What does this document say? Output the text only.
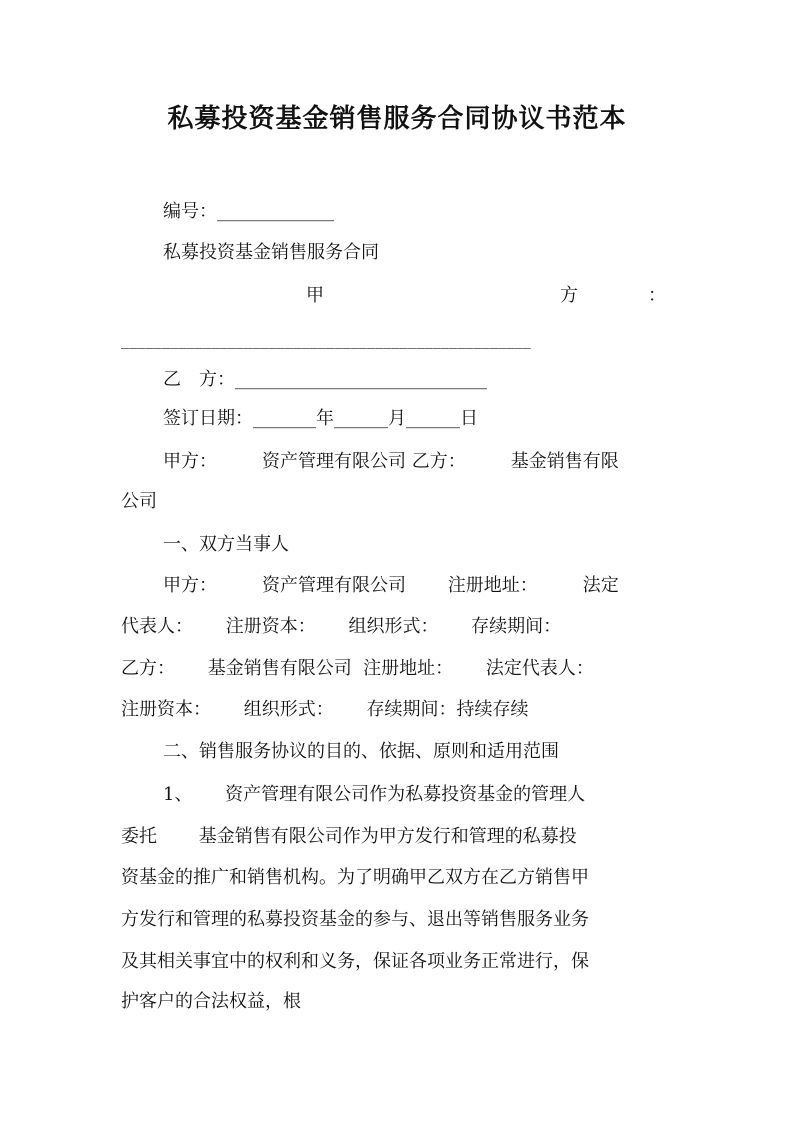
私募投资基金销售服务合同协议书范本
编号：_____________
私募投资基金销售服务合同
甲	方	：
__________________________________________________
乙　方：____________________________
签订日期：_______年______月______日
甲方：　　　资产管理有限公司 乙方：　　　基金销售有限
公司
一、双方当事人
甲方：　　　资产管理有限公司　　 注册地址：　　　法定
代表人：　　 注册资本：　　 组织形式：　　 存续期间：
乙方：　　 基金销售有限公司  注册地址：　　 法定代表人：
注册资本：　　 组织形式：　　 存续期间：持续存续
二、销售服务协议的目的、依据、原则和适用范围
1、　　 资产管理有限公司作为私募投资基金的管理人
委托　　 基金销售有限公司作为甲方发行和管理的私募投
资基金的推广和销售机构。为了明确甲乙双方在乙方销售甲
方发行和管理的私募投资基金的参与、退出等销售服务业务
及其相关事宜中的权利和义务，保证各项业务正常进行，保
护客户的合法权益，根
